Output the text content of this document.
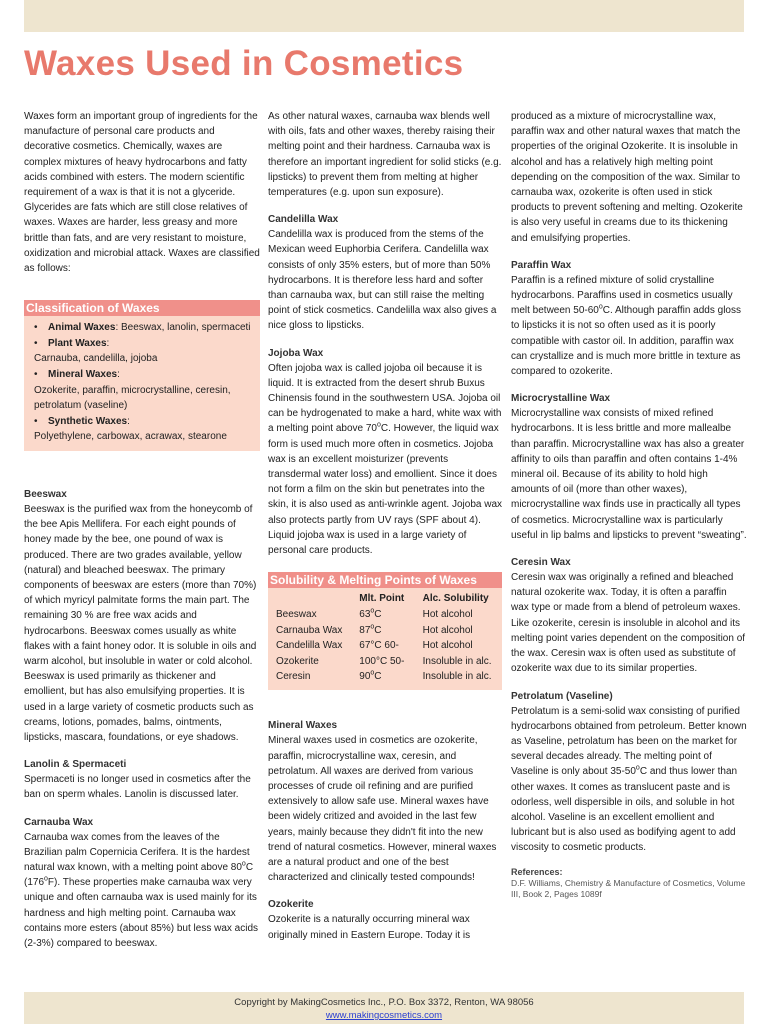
Waxes Used in Cosmetics

Waxes form an important group of ingredients for the manufacture of personal care products and decorative cosmetics. Chemically, waxes are complex mixtures of heavy hydrocarbons and fatty acids combined with esters. The modern scientific requirement of a wax is that it is not a glyceride. Glycerides are fats which are still close relatives of waxes. Waxes are harder, less greasy and more brittle than fats, and are very resistant to moisture, oxidization and microbial attack. Waxes are classified as follows:

Classification of Waxes
• Animal Waxes: Beeswax, lanolin, spermaceti
• Plant Waxes:
Carnauba, candelilla, jojoba
• Mineral Waxes:
Ozokerite, paraffin, microcrystalline, ceresin, petrolatum (vaseline)
• Synthetic Waxes:
Polyethylene, carbowax, acrawax, stearone
Beeswax

Beeswax is the purified wax from the honeycomb of the bee Apis Mellifera. For each eight pounds of honey made by the bee, one pound of wax is produced. There are two grades available, yellow (natural) and bleached beeswax. The primary components of beeswax are esters (more than 70%) of which myricyl palmitate forms the main part. The remaining 30 % are free wax acids and hydrocarbons. Beeswax comes usually as white flakes with a faint honey odor. It is soluble in oils and warm alcohol, but insoluble in water or cold alcohol. Beeswax is used primarily as thickener and emollient, but has also emulsifying properties. It is used in a large variety of cosmetic products such as creams, lotions, pomades, balms, ointments, lipsticks, mascara, foundations, or eye shadows.

Lanolin & Spermaceti

Spermaceti is no longer used in cosmetics after the ban on sperm whales. Lanolin is discussed later.

Carnauba Wax

Carnauba wax comes from the leaves of the Brazilian palm Copernicia Cerifera. It is the hardest natural wax known, with a melting point above 80$^o$C (176$^o$F). These properties make carnauba wax very unique and often carnauba wax is used mainly for its hardness and high melting point. Carnauba wax contains more esters (about 85%) but less wax acids (2-3%) compared to beeswax.

As other natural waxes, carnauba wax blends well with oils, fats and other waxes, thereby raising their melting point and their hardness. Carnauba wax is therefore an important ingredient for solid sticks (e.g. lipsticks) to prevent them from melting at higher temperatures (e.g. upon sun exposure).

Candelilla Wax

Candelilla wax is produced from the stems of the Mexican weed Euphorbia Cerifera. Candelilla wax consists of only 35% esters, but of more than 50% hydrocarbons. It is therefore less hard and softer than carnauba wax, but can still raise the melting point of stick cosmetics. Candelilla wax also gives a nice gloss to lipsticks.

Jojoba Wax

Often jojoba wax is called jojoba oil because it is liquid. It is extracted from the desert shrub Buxus Chinensis found in the southwestern USA. Jojoba oil can be hydrogenated to make a hard, white wax with a melting point above 70$^o$C. However, the liquid wax form is used much more often in cosmetics. Jojoba wax is an excellent moisturizer (prevents transdermal water loss) and emollient. Since it does not form a film on the skin but penetrates into the skin, it is also used as anti-wrinkle agent. Jojoba wax also protects partly from UV rays (SPF about 4). Liquid jojoba wax is used in a large variety of personal care products.

Solubility & Melting Points of Waxes
	Mlt. Point	Alc. Solubility
Beeswax	63$^o$C	Hot alcohol
Carnauba Wax	87$^o$C	Hot alcohol
Candelilla Wax	67°C 60-	Hot alcohol
Ozokerite	100°C 50-	Insoluble in alc.
Ceresin	90$^o$C	Insoluble in alc.
Mineral Waxes

Mineral waxes used in cosmetics are ozokerite, paraffin, microcrystalline wax, ceresin, and petrolatum. All waxes are derived from various processes of crude oil refining and are purified extensively to allow safe use. Mineral waxes have been widely critized and avoided in the last few years, mainly because they didn't fit into the new trend of natural cosmetics. However, mineral waxes are a natural product and one of the best characterized and clinically tested compounds!

Ozokerite

Ozokerite is a naturally occurring mineral wax originally mined in Eastern Europe. Today it is

produced as a mixture of microcrystalline wax, paraffin wax and other natural waxes that match the properties of the original Ozokerite. It is insoluble in alcohol and has a relatively high melting point depending on the composition of the wax. Similar to carnauba wax, ozokerite is often used in stick products to prevent softening and melting. Ozokerite is also very useful in creams due to its thickening and emulsifying properties.

Paraffin Wax

Paraffin is a refined mixture of solid crystalline hydrocarbons. Paraffins used in cosmetics usually melt between 50-60$^o$C. Although paraffin adds gloss to lipsticks it is not so often used as it is poorly compatible with castor oil. In addition, paraffin wax can crystallize and is much more brittle in texture as compared to ozokerite.

Microcrystalline Wax

Microcrystalline wax consists of mixed refined hydrocarbons. It is less brittle and more mallealbe than paraffin. Microcrystalline wax has also a greater affinity to oils than paraffin and often contains 1-4% mineral oil. Because of its ability to hold high amounts of oil (more than other waxes), microcrystalline wax finds use in practically all types of cosmetics. Microcrystalline wax is particularly useful in lip balms and lipsticks to prevent “sweating”.

Ceresin Wax

Ceresin wax was originally a refined and bleached natural ozokerite wax. Today, it is often a paraffin wax type or made from a blend of petroleum waxes. Like ozokerite, ceresin is insoluble in alcohol and its melting point varies dependent on the composition of the wax. Ceresin wax is often used as substitute of ozokerite wax due to its similar properties.

Petrolatum (Vaseline)

Petrolatum is a semi-solid wax consisting of purified hydrocarbons obtained from petroleum. Better known as Vaseline, petrolatum has been on the market for several decades already. The melting point of Vaseline is only about 35-50$^o$C and thus lower than other waxes. It comes as translucent paste and is odorless, well dispersible in oils, and soluble in hot alcohol. Vaseline is an excellent emollient and lubricant but is also used as bodifying agent to add viscosity to cosmetic products.

References:
D.F. Williams, Chemistry & Manufacture of Cosmetics, Volume III, Book 2, Pages 1089f
Copyright by MakingCosmetics Inc., P.O. Box 3372, Renton, WA 98056
www.makingcosmetics.com
